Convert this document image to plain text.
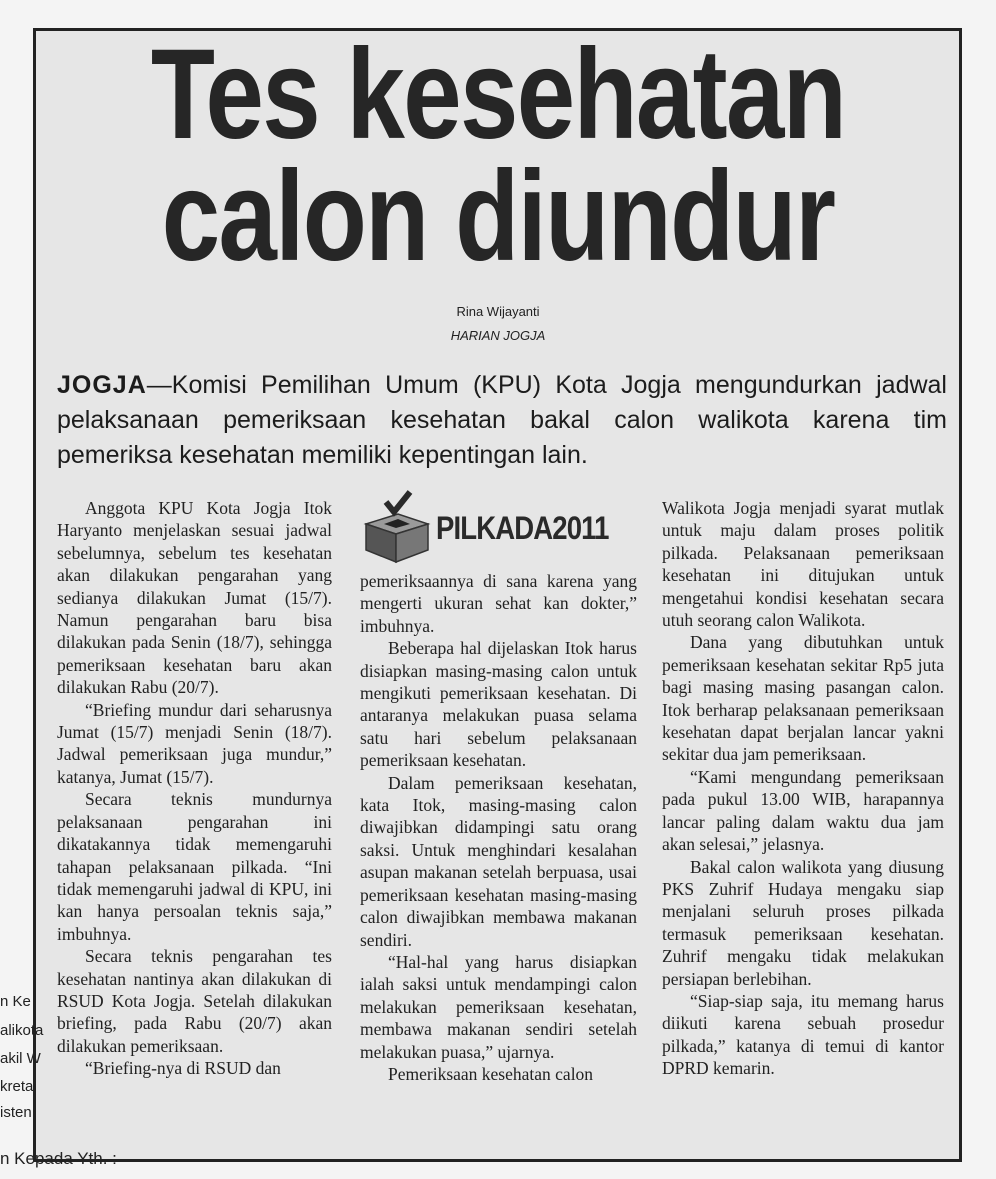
Tes kesehatan
calon diundur
Rina Wijayanti
HARIAN JOGJA

JOGJA—Komisi Pemilihan Umum (KPU) Kota Jogja mengundurkan jadwal pelaksanaan pemeriksaan kesehatan bakal calon walikota karena tim pemeriksa kesehatan memiliki kepentingan lain.

Anggota KPU Kota Jogja Itok Haryanto menjelaskan sesuai jadwal sebelumnya, sebelum tes kesehatan akan dilakukan pengarahan yang sedianya dilakukan Jumat (15/7). Namun pengarahan baru bisa dilakukan pada Senin (18/7), sehingga pemeriksaan kesehatan baru akan dilakukan Rabu (20/7).

“Briefing mundur dari seharusnya Jumat (15/7) menjadi Senin (18/7). Jadwal pemeriksaan juga mundur,” katanya, Jumat (15/7).

Secara teknis mundurnya pelaksanaan pengarahan ini dikatakannya tidak memengaruhi tahapan pelaksanaan pilkada. “Ini tidak memengaruhi jadwal di KPU, ini kan hanya persoalan teknis saja,” imbuhnya.

Secara teknis pengarahan tes kesehatan nantinya akan dilakukan di RSUD Kota Jogja. Setelah dilakukan briefing, pada Rabu (20/7) akan dilakukan pemeriksaan.

“Briefing-nya di RSUD dan

PILKADA2011

pemeriksaannya di sana karena yang mengerti ukuran sehat kan dokter,” imbuhnya.

Beberapa hal dijelaskan Itok harus disiapkan masing-masing calon untuk mengikuti pemeriksaan kesehatan. Di antaranya melakukan puasa selama satu hari sebelum pelaksanaan pemeriksaan kesehatan.

Dalam pemeriksaan kesehatan, kata Itok, masing-masing calon diwajibkan didampingi satu orang saksi. Untuk menghindari kesalahan asupan makanan setelah berpuasa, usai pemeriksaan kesehatan masing-masing calon diwajibkan membawa makanan sendiri.

“Hal-hal yang harus disiapkan ialah saksi untuk mendampingi calon melakukan pemeriksaan kesehatan, membawa makanan sendiri setelah melakukan puasa,” ujarnya.

Pemeriksaan kesehatan calon

Walikota Jogja menjadi syarat mutlak untuk maju dalam proses politik pilkada. Pelaksanaan pemeriksaan kesehatan ini ditujukan untuk mengetahui kondisi kesehatan secara utuh seorang calon Walikota.

Dana yang dibutuhkan untuk pemeriksaan kesehatan sekitar Rp5 juta bagi masing masing pasangan calon. Itok berharap pelaksanaan pemeriksaan kesehatan dapat berjalan lancar yakni sekitar dua jam pemeriksaan.

“Kami mengundang pemeriksaan pada pukul 13.00 WIB, harapannya lancar paling dalam waktu dua jam akan selesai,” jelasnya.

Bakal calon walikota yang diusung PKS Zuhrif Hudaya mengaku siap menjalani seluruh proses pilkada termasuk pemeriksaan kesehatan. Zuhrif mengaku tidak melakukan persiapan berlebihan.

“Siap-siap saja, itu memang harus diikuti karena sebuah prosedur pilkada,” katanya di temui di kantor DPRD kemarin.

n Ke
alikota
akil W
kreta
isten
n Kepada Yth. :
